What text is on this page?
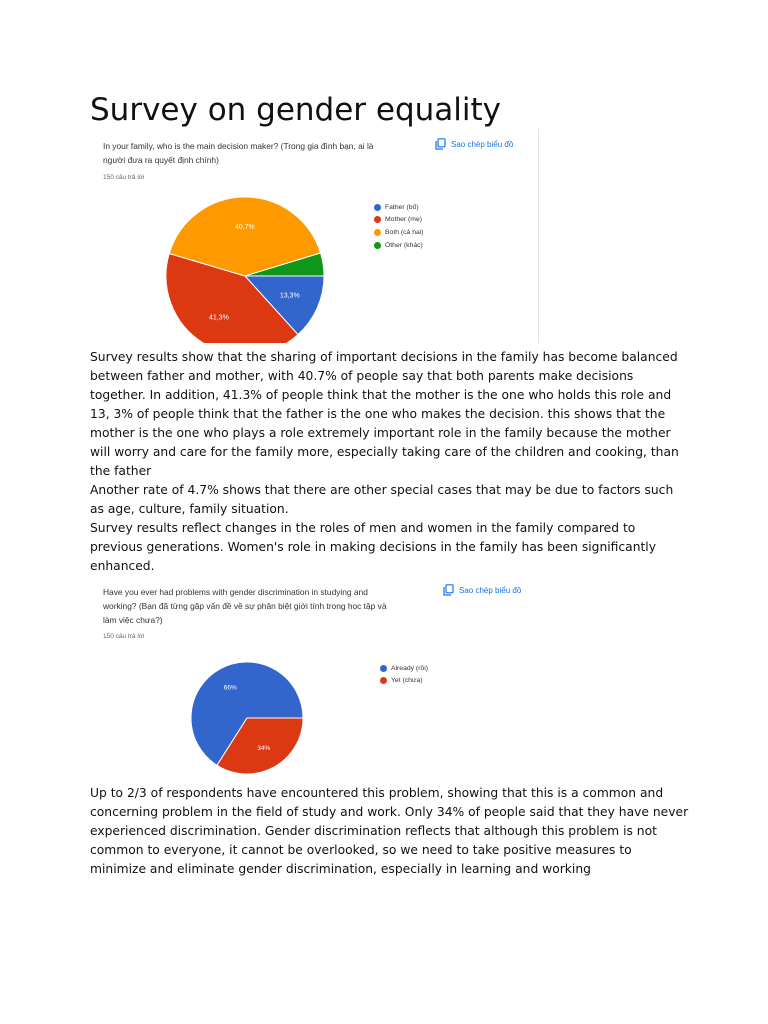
Survey on gender equality
In your family, who is the main decision maker? (Trong gia đình bạn, ai là
người đưa ra quyết định chính)
150 câu trả lời
Sao chép biểu đồ
13,3%
41,3%
40,7%
Father (bố)
Mother (mẹ)
Both (cả hai)
Other (khác)
Survey results show that the sharing of important decisions in the family has become balanced between father and mother, with 40.7% of people say that both parents make decisions together. In addition, 41.3% of people think that the mother is the one who holds this role and 13, 3% of people think that the father is the one who makes the decision. this shows that the mother is the one who plays a role extremely important role in the family because the mother will worry and care for the family more, especially taking care of the children and cooking, than the father
Another rate of 4.7% shows that there are other special cases that may be due to factors such as age, culture, family situation.
Survey results reflect changes in the roles of men and women in the family compared to previous generations. Women's role in making decisions in the family has been significantly enhanced.
Have you ever had problems with gender discrimination in studying and
working? (Bạn đã từng gặp vấn đề về sự phân biệt giới tính trong học tập và
làm việc chưa?)
150 câu trả lời
Sao chép biểu đồ
66%
34%
Already (rồi)
Yet (chưa)
Up to 2/3 of respondents have encountered this problem, showing that this is a common and concerning problem in the field of study and work. Only 34% of people said that they have never experienced discrimination. Gender discrimination reflects that although this problem is not common to everyone, it cannot be overlooked, so we need to take positive measures to minimize and eliminate gender discrimination, especially in learning and working
